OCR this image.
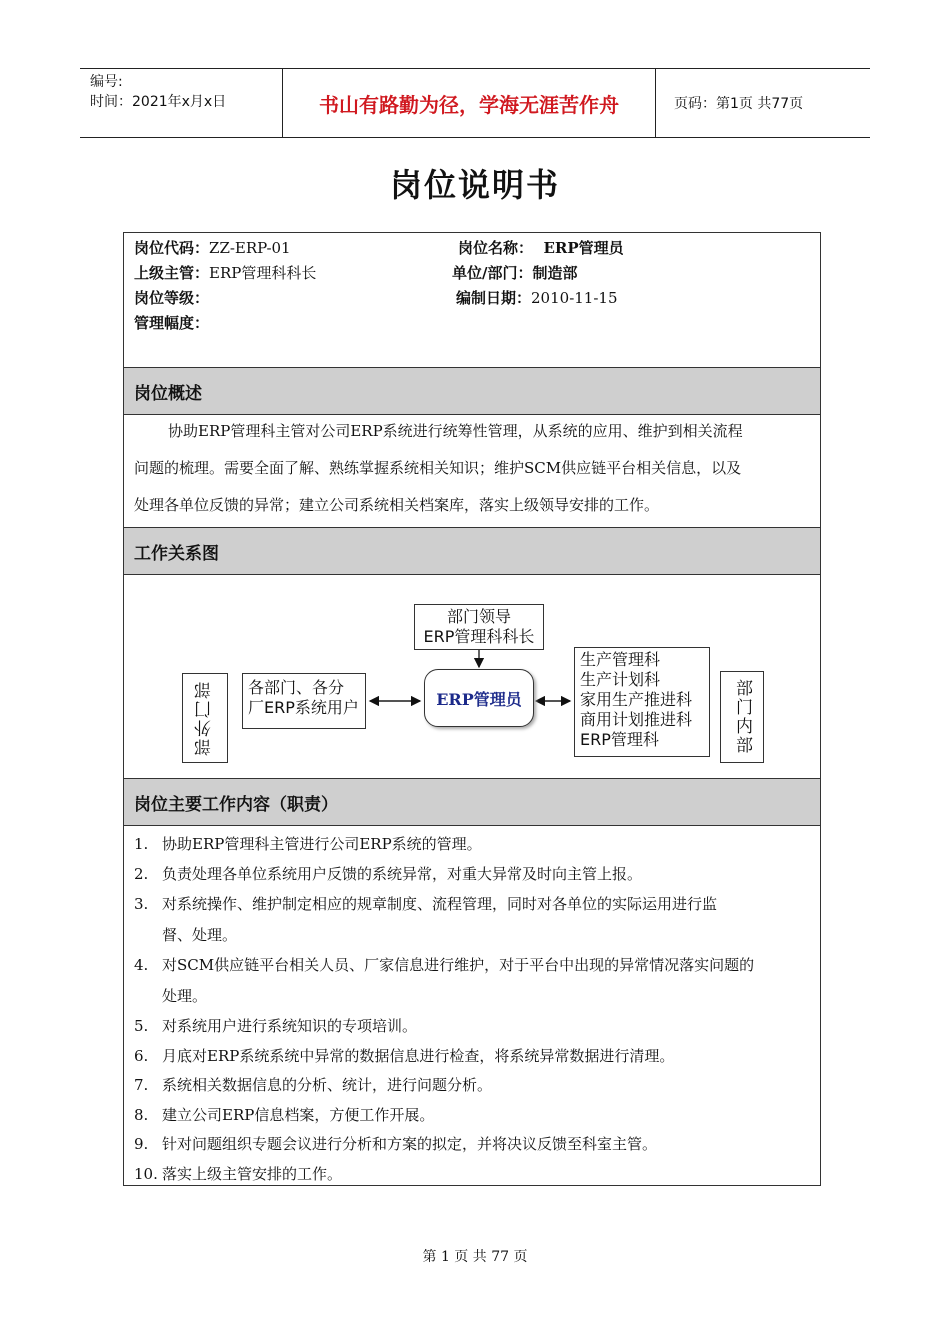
编号:
时间：2021年x月x日	书山有路勤为径，学海无涯苦作舟	页码：第1页 共77页
岗位说明书
岗位代码：ZZ-ERP-01	岗位名称： ERP管理员
上级主管：ERP管理科科长	单位/部门：制造部
岗位等级：	编制日期：2010-11-15
管理幅度：
岗位概述
协助ERP管理科主管对公司ERP系统进行统筹性管理，从系统的应用、维护到相关流程
问题的梳理。需要全面了解、熟练掌握系统相关知识；维护SCM供应链平台相关信息，以及
处理各单位反馈的异常；建立公司系统相关档案库，落实上级领导安排的工作。
工作关系图
部门领导
ERP管理科科长
ERP管理员
各部门、各分
厂ERP系统用户
部外门部
生产管理科
生产计划科
家用生产推进科
商用计划推进科
ERP管理科	部门内部
岗位主要工作内容（职责）
1. 协助ERP管理科主管进行公司ERP系统的管理。
2. 负责处理各单位系统用户反馈的系统异常，对重大异常及时向主管上报。
3. 对系统操作、维护制定相应的规章制度、流程管理，同时对各单位的实际运用进行监
督、处理。
4. 对SCM供应链平台相关人员、厂家信息进行维护，对于平台中出现的异常情况落实问题的
处理。
5. 对系统用户进行系统知识的专项培训。
6. 月底对ERP系统系统中异常的数据信息进行检查，将系统异常数据进行清理。
7. 系统相关数据信息的分析、统计，进行问题分析。
8. 建立公司ERP信息档案，方便工作开展。
9. 针对问题组织专题会议进行分析和方案的拟定，并将决议反馈至科室主管。
10. 落实上级主管安排的工作。
第 1 页 共 77 页
